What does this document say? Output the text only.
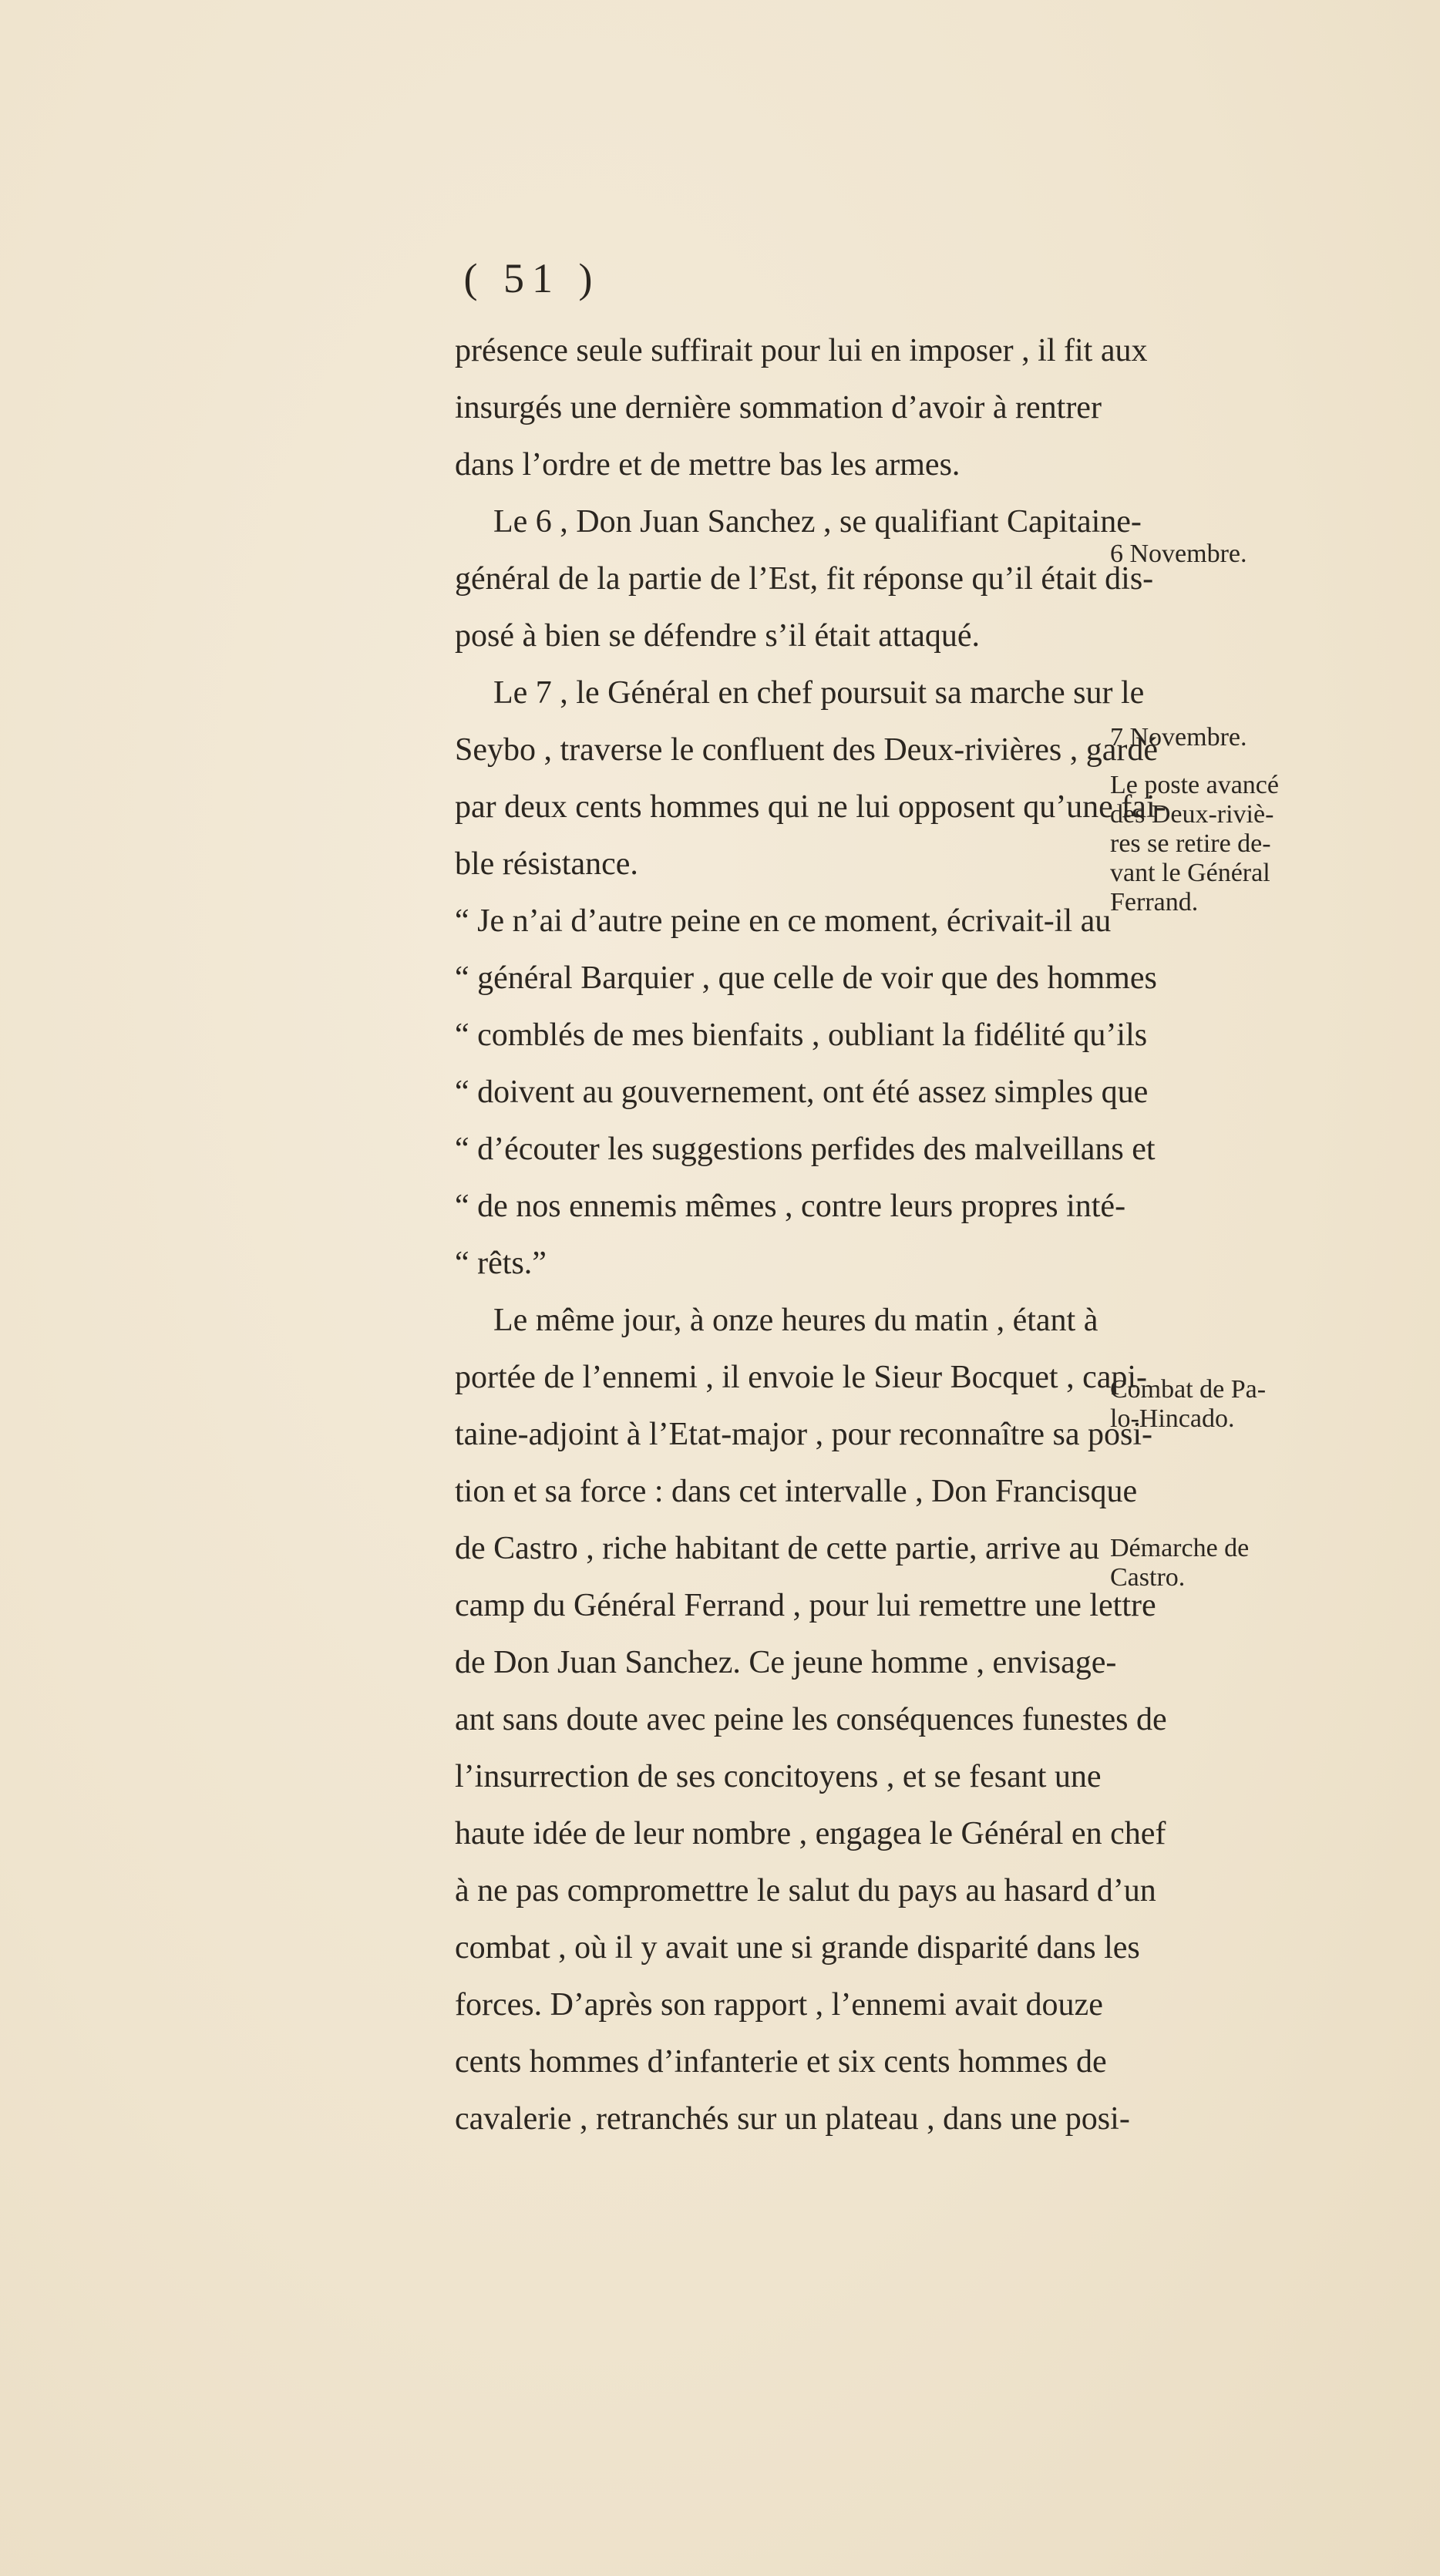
( 51 )

présence seule suffirait pour lui en imposer , il fit aux
insurgés une dernière sommation d’avoir à rentrer
dans l’ordre et de mettre bas les armes.

Le 6 , Don Juan Sanchez , se qualifiant Capitaine-
général de la partie de l’Est, fit réponse qu’il était dis-
posé à bien se défendre s’il était attaqué.

Le 7 , le Général en chef poursuit sa marche sur le
Seybo , traverse le confluent des Deux-rivières , gardé
par deux cents hommes qui ne lui opposent qu’une fai-
ble résistance.

“ Je n’ai d’autre peine en ce moment, écrivait-il au
“ général Barquier , que celle de voir que des hommes
“ comblés de mes bienfaits , oubliant la fidélité qu’ils
“ doivent au gouvernement, ont été assez simples que
“ d’écouter les suggestions perfides des malveillans et
“ de nos ennemis mêmes , contre leurs propres inté-
“ rêts.”

Le même jour, à onze heures du matin , étant à
portée de l’ennemi , il envoie le Sieur Bocquet , capi-
taine-adjoint à l’Etat-major , pour reconnaître sa posi-
tion et sa force : dans cet intervalle , Don Francisque
de Castro , riche habitant de cette partie, arrive au
camp du Général Ferrand , pour lui remettre une lettre
de Don Juan Sanchez. Ce jeune homme , envisage-
ant sans doute avec peine les conséquences funestes de
l’insurrection de ses concitoyens , et se fesant une
haute idée de leur nombre , engagea le Général en chef
à ne pas compromettre le salut du pays au hasard d’un
combat , où il y avait une si grande disparité dans les
forces. D’après son rapport , l’ennemi avait douze
cents hommes d’infanterie et six cents hommes de
cavalerie , retranchés sur un plateau , dans une posi-

6 Novembre.
7 Novembre.
Le poste avancé
des Deux-riviè-
res se retire de-
vant le Général
Ferrand.
Combat de Pa-
lo-Hincado.
Démarche de
Castro.
